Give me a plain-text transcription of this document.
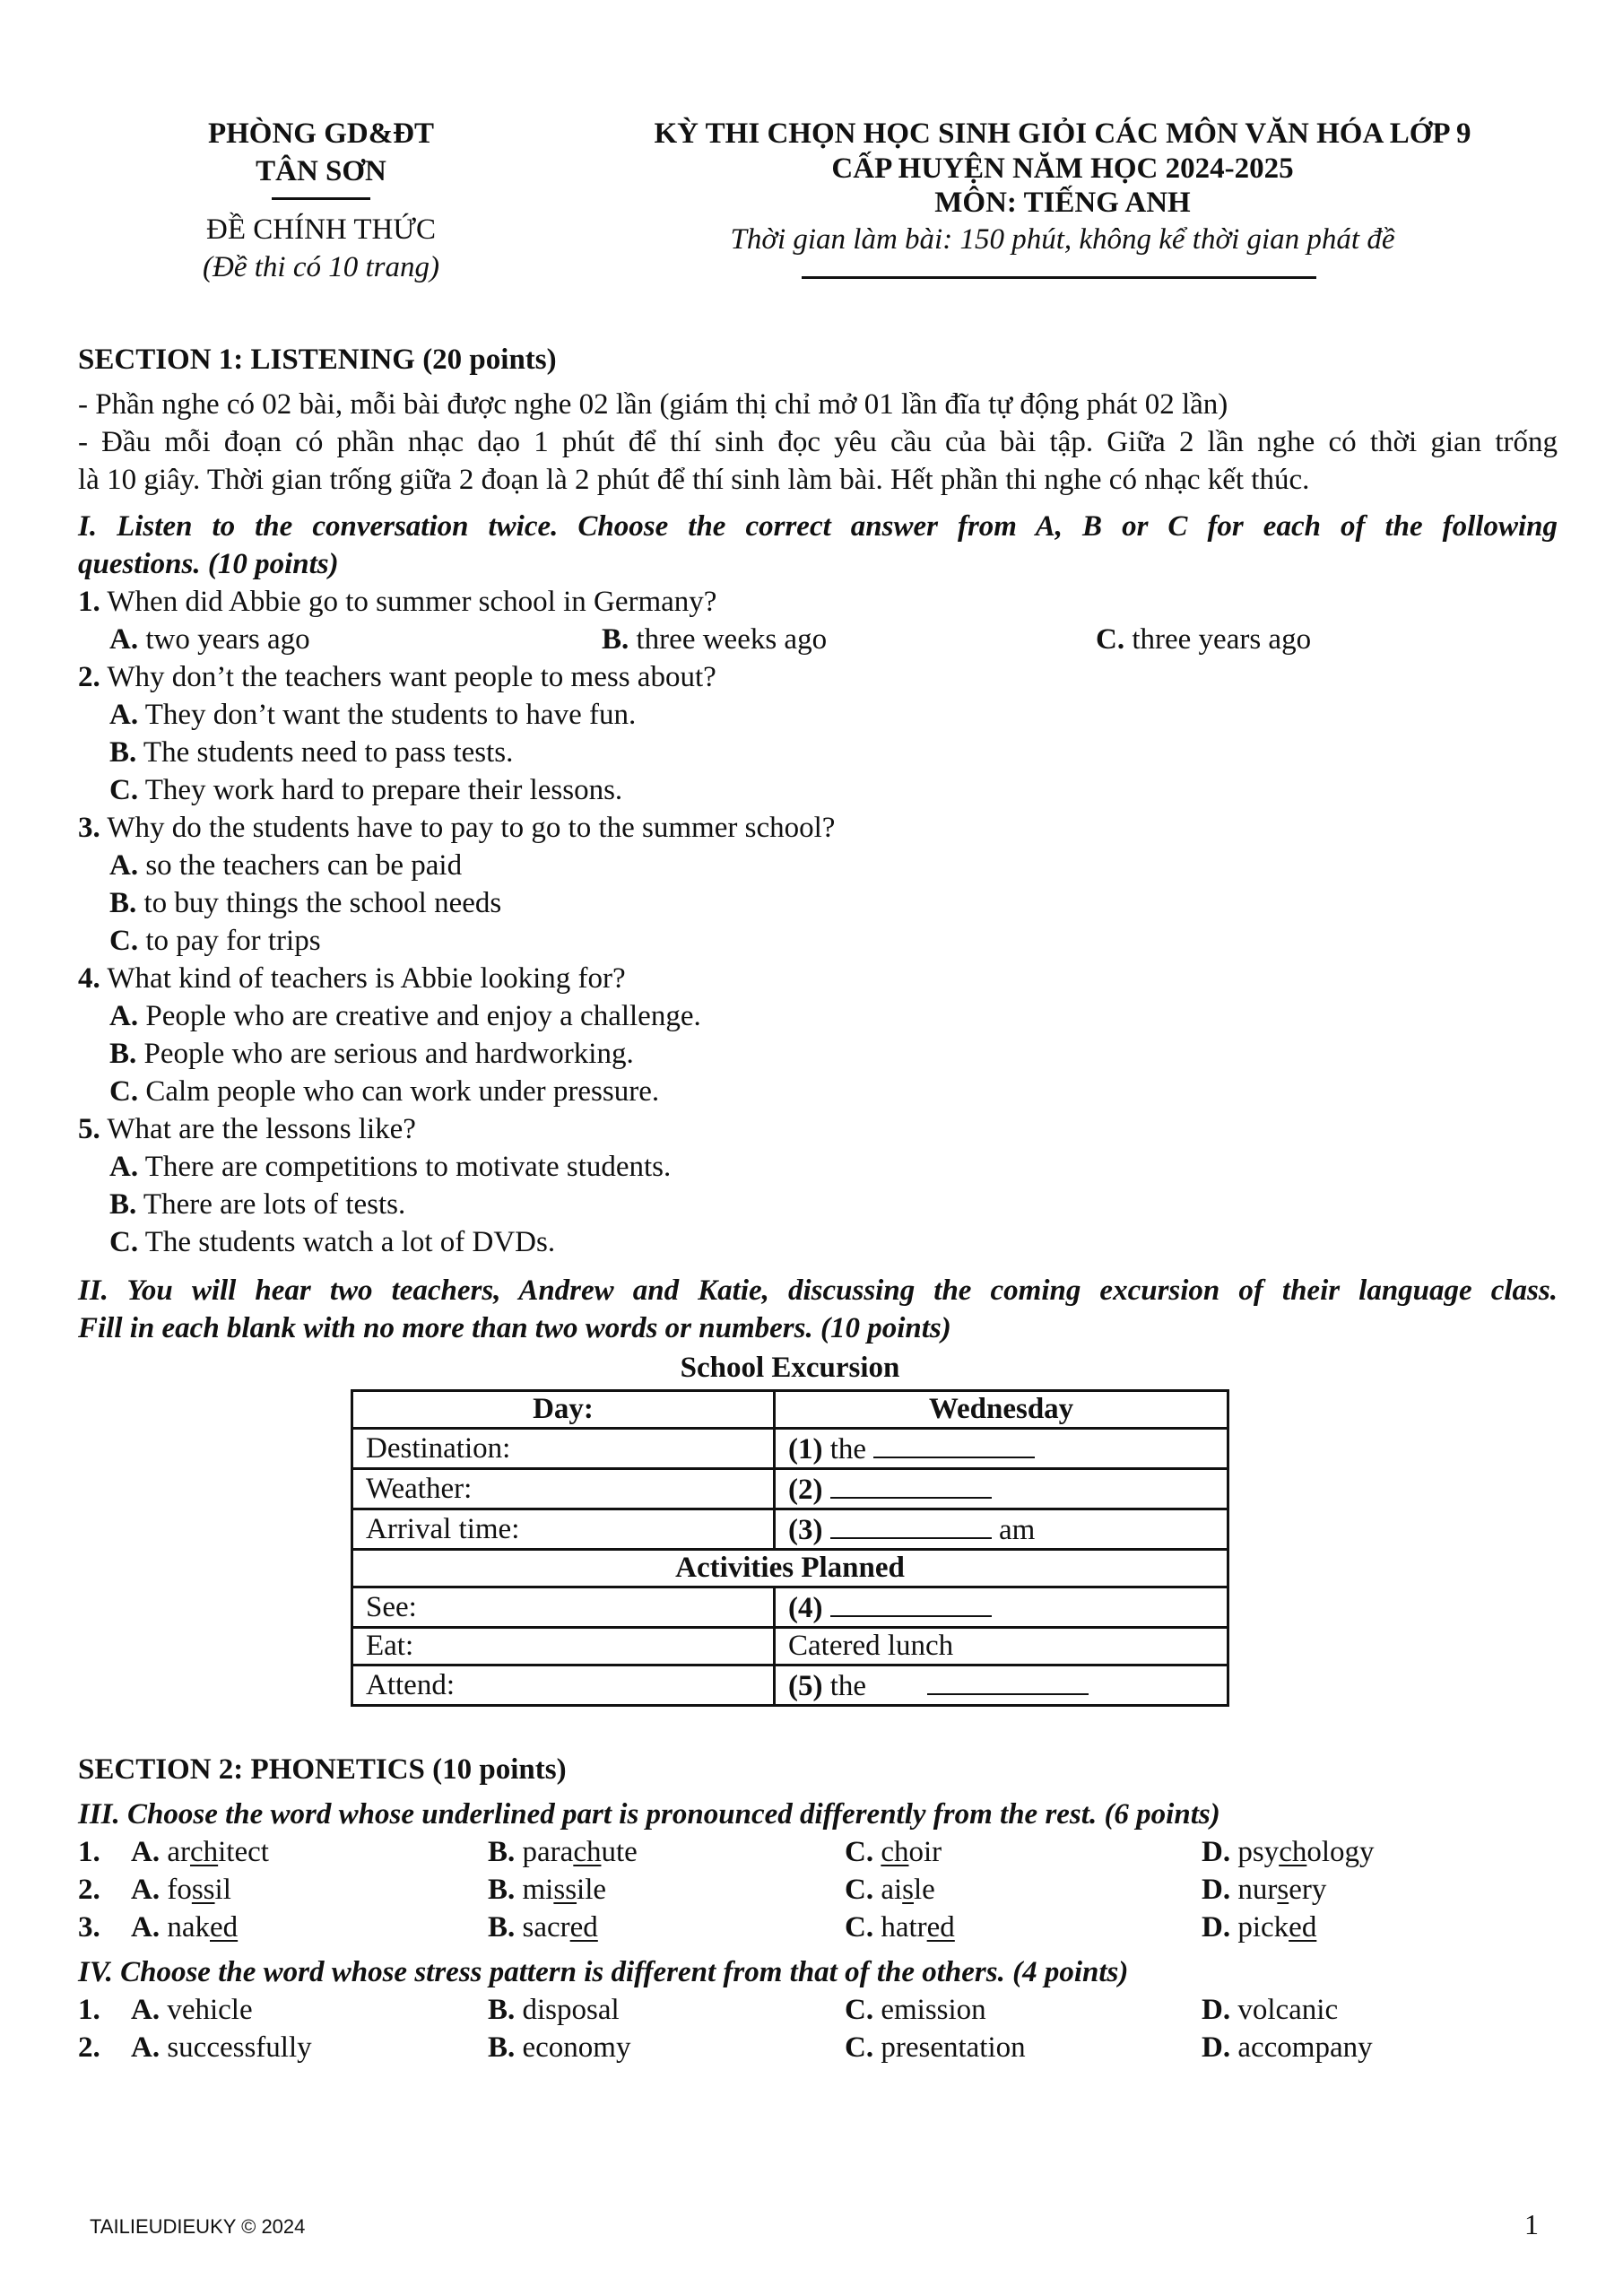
PHÒNG GD&ĐT
TÂN SƠN
ĐỀ CHÍNH THỨC
(Đề thi có 10 trang)
KỲ THI CHỌN HỌC SINH GIỎI CÁC MÔN VĂN HÓA LỚP 9
CẤP HUYỆN NĂM HỌC 2024-2025
MÔN: TIẾNG ANH
Thời gian làm bài: 150 phút, không kể thời gian phát đề
SECTION 1: LISTENING (20 points)
- Phần nghe có 02 bài, mỗi bài được nghe 02 lần (giám thị chỉ mở 01 lần đĩa tự động phát 02 lần)
- Đầu mỗi đoạn có phần nhạc dạo 1 phút để thí sinh đọc yêu cầu của bài tập. Giữa 2 lần nghe có thời gian trống
là 10 giây. Thời gian trống giữa 2 đoạn là 2 phút để thí sinh làm bài. Hết phần thi nghe có nhạc kết thúc.
I. Listen to the conversation twice. Choose the correct answer from A, B or C for each of the following
questions. (10 points)
1. When did Abbie go to summer school in Germany?
A. two years ago	B. three weeks ago	C. three years ago
2. Why don’t the teachers want people to mess about?
A. They don’t want the students to have fun.
B. The students need to pass tests.
C. They work hard to prepare their lessons.
3. Why do the students have to pay to go to the summer school?
A. so the teachers can be paid
B. to buy things the school needs
C. to pay for trips
4. What kind of teachers is Abbie looking for?
A. People who are creative and enjoy a challenge.
B. People who are serious and hardworking.
C. Calm people who can work under pressure.
5. What are the lessons like?
A. There are competitions to motivate students.
B. There are lots of tests.
C. The students watch a lot of DVDs.
II. You will hear two teachers, Andrew and Katie, discussing the coming excursion of their language class.
Fill in each blank with no more than two words or numbers. (10 points)
School Excursion
Day:	Wednesday
Destination:	(1) the
Weather:	(2)
Arrival time:	(3) am
Activities Planned	
See:	(4)
Eat:	Catered lunch
Attend:	(5) the
SECTION 2: PHONETICS (10 points)
III. Choose the word whose underlined part is pronounced differently from the rest. (6 points)
1. A. architect	B. parachute	C. choir	D. psychology
2. A. fossil	B. missile	C. aisle	D. nursery
3. A. naked	B. sacred	C. hatred	D. picked
IV. Choose the word whose stress pattern is different from that of the others. (4 points)
1. A. vehicle	B. disposal	C. emission	D. volcanic
2. A. successfully	B. economy	C. presentation	D. accompany
TAILIEUDIEUKY © 2024	1
